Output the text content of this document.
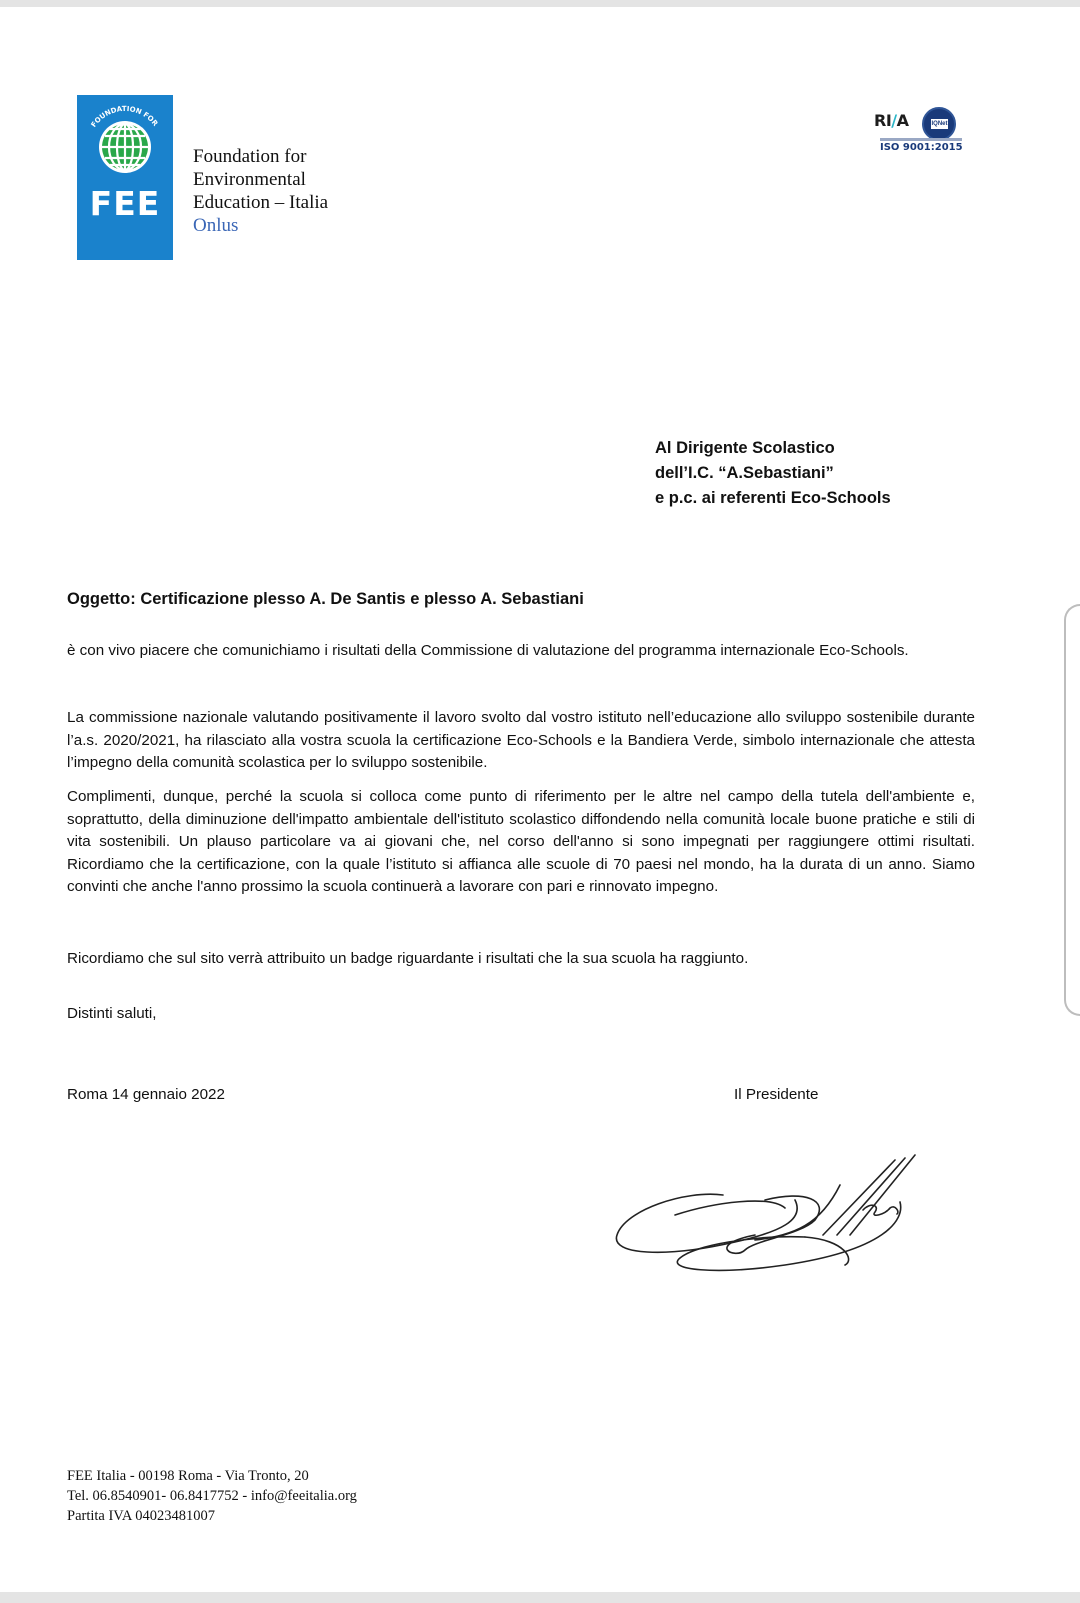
FOUNDATION FOR
FEE
Foundation for
Environmental
Education – Italia
Onlus
RI/A	IQNet
ISO 9001:2015
Al Dirigente Scolastico
dell’I.C. “A.Sebastiani”
e p.c. ai referenti Eco-Schools
Oggetto: Certificazione plesso A. De Santis e plesso A. Sebastiani
è con vivo piacere che comunichiamo i risultati della Commissione di valutazione del programma internazionale Eco-Schools.
La commissione nazionale valutando positivamente il lavoro svolto dal vostro istituto nell’educazione allo sviluppo sostenibile durante l’a.s. 2020/2021, ha rilasciato alla vostra scuola la certificazione Eco-Schools e la Bandiera Verde, simbolo internazionale che attesta l’impegno della comunità scolastica per lo sviluppo sostenibile.
Complimenti, dunque, perché la scuola si colloca come punto di riferimento per le altre nel campo della tutela dell'ambiente e, soprattutto, della diminuzione dell'impatto ambientale dell'istituto scolastico diffondendo nella comunità locale buone pratiche e stili di vita sostenibili. Un plauso particolare va ai giovani che, nel corso dell'anno si sono impegnati per raggiungere ottimi risultati. Ricordiamo che la certificazione, con la quale l’istituto si affianca alle scuole di 70 paesi nel mondo, ha la durata di un anno. Siamo convinti che anche l'anno prossimo la scuola continuerà a lavorare con pari e rinnovato impegno.
Ricordiamo che sul sito verrà attribuito un badge riguardante i risultati che la sua scuola ha raggiunto.
Distinti saluti,
Roma 14 gennaio 2022	Il Presidente
FEE Italia - 00198 Roma - Via Tronto, 20
Tel. 06.8540901- 06.8417752 - info@feeitalia.org
Partita IVA 04023481007
